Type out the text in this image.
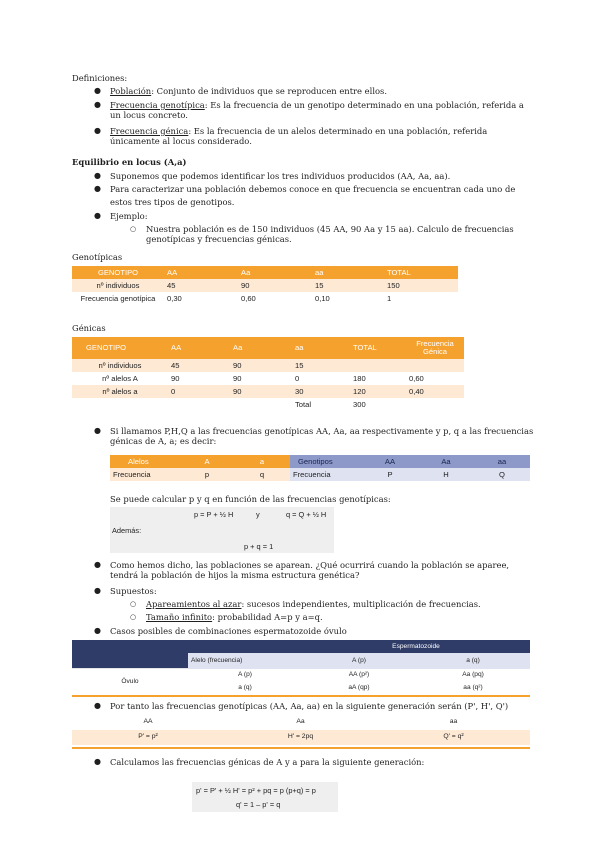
Definiciones:
● Población: Conjunto de individuos que se reproducen entre ellos.
● Frecuencia genotípica: Es la frecuencia de un genotipo determinado en una población, referida a
un locus concreto.
● Frecuencia génica: Es la frecuencia de un alelos determinado en una población, referida
únicamente al locus considerado.
Equilibrio en locus (A,a)
● Suponemos que podemos identificar los tres individuos producidos (AA, Aa, aa).
● Para caracterizar una población debemos conoce en que frecuencia se encuentran cada uno de
estos tres tipos de genotipos.
● Ejemplo:
○ Nuestra población es de 150 individuos (45 AA, 90 Aa y 15 aa). Calculo de frecuencias
genotípicas y frecuencias génicas.
Genotípicas
GENOTIPO	AA	Aa	aa	TOTAL
nº individuos	45	90	15	150
Frecuencia genotípica	0,30	0,60	0,10	1
Génicas
GENOTIPO	AA	Aa	aa	TOTAL	Frecuencia
Génica
nº individuos	45	90	15		
nº alelos A	90	90	0	180	0,60
nº alelos a	0	90	30	120	0,40
			Total	300	
● Si llamamos P,H,Q a las frecuencias genotípicas AA, Aa, aa respectivamente y p, q a las frecuencias
génicas de A, a; es decir:
Alelos	A	a
Frecuencia	p	q
Genotipos	AA	Aa	aa
Frecuencia	P	H	Q
Se puede calcular p y q en función de las frecuencias genotípicas:
p = P + ½ H	y	q = Q + ½ H
Además:
p + q = 1
● Como hemos dicho, las poblaciones se aparean. ¿Qué ocurrirá cuando la población se aparee,
tendrá la población de hijos la misma estructura genética?
● Supuestos:
○ Apareamientos al azar: sucesos independientes, multiplicación de frecuencias.
○ Tamaño infinito: probabilidad A=p y a=q.
● Casos posibles de combinaciones espermatozoide óvulo
		Espermatozoide	
	Alelo (frecuencia)	A (p)	a (q)
Óvulo	A (p)	AA (p²)	Aa (pq)
	a (q)	aA (qp)	aa (q²)
● Por tanto las frecuencias genotípicas (AA, Aa, aa) en la siguiente generación serán (P', H', Q')
AA	Aa	aa
P' = p²	H' = 2pq	Q' = q²
● Calculamos las frecuencias génicas de A y a para la siguiente generación:
p' = P' + ½ H' = p² + pq = p (p+q) = p
q' = 1 – p' = q
